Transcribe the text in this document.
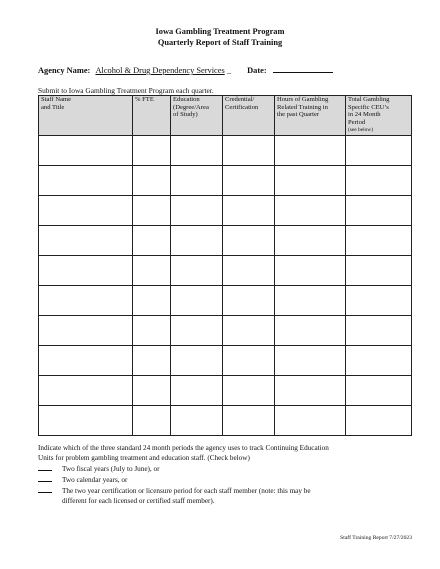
Iowa Gambling Treatment Program
Quarterly Report of Staff Training
Agency Name: Alcohol & Drug Dependency Services _ Date:
Submit to Iowa Gambling Treatment Program each quarter.
Staff Name
and Title	% FTE	Education
(Degree/Area
of Study)	Credential/
Certification	Hours of Gambling
Related Training in
the past Quarter	Total Gambling
Specific CEU’s
in 24 Month
Period
(see below)

Indicate which of the three standard 24 month periods the agency uses to track Continuing Education
Units for problem gambling treatment and education staff. (Check below)
Two fiscal years (July to June), or
Two calendar years, or
The two year certification or licensure period for each staff member (note: this may be
different for each licensed or certified staff member).
Staff Training Report 7/27/2023
